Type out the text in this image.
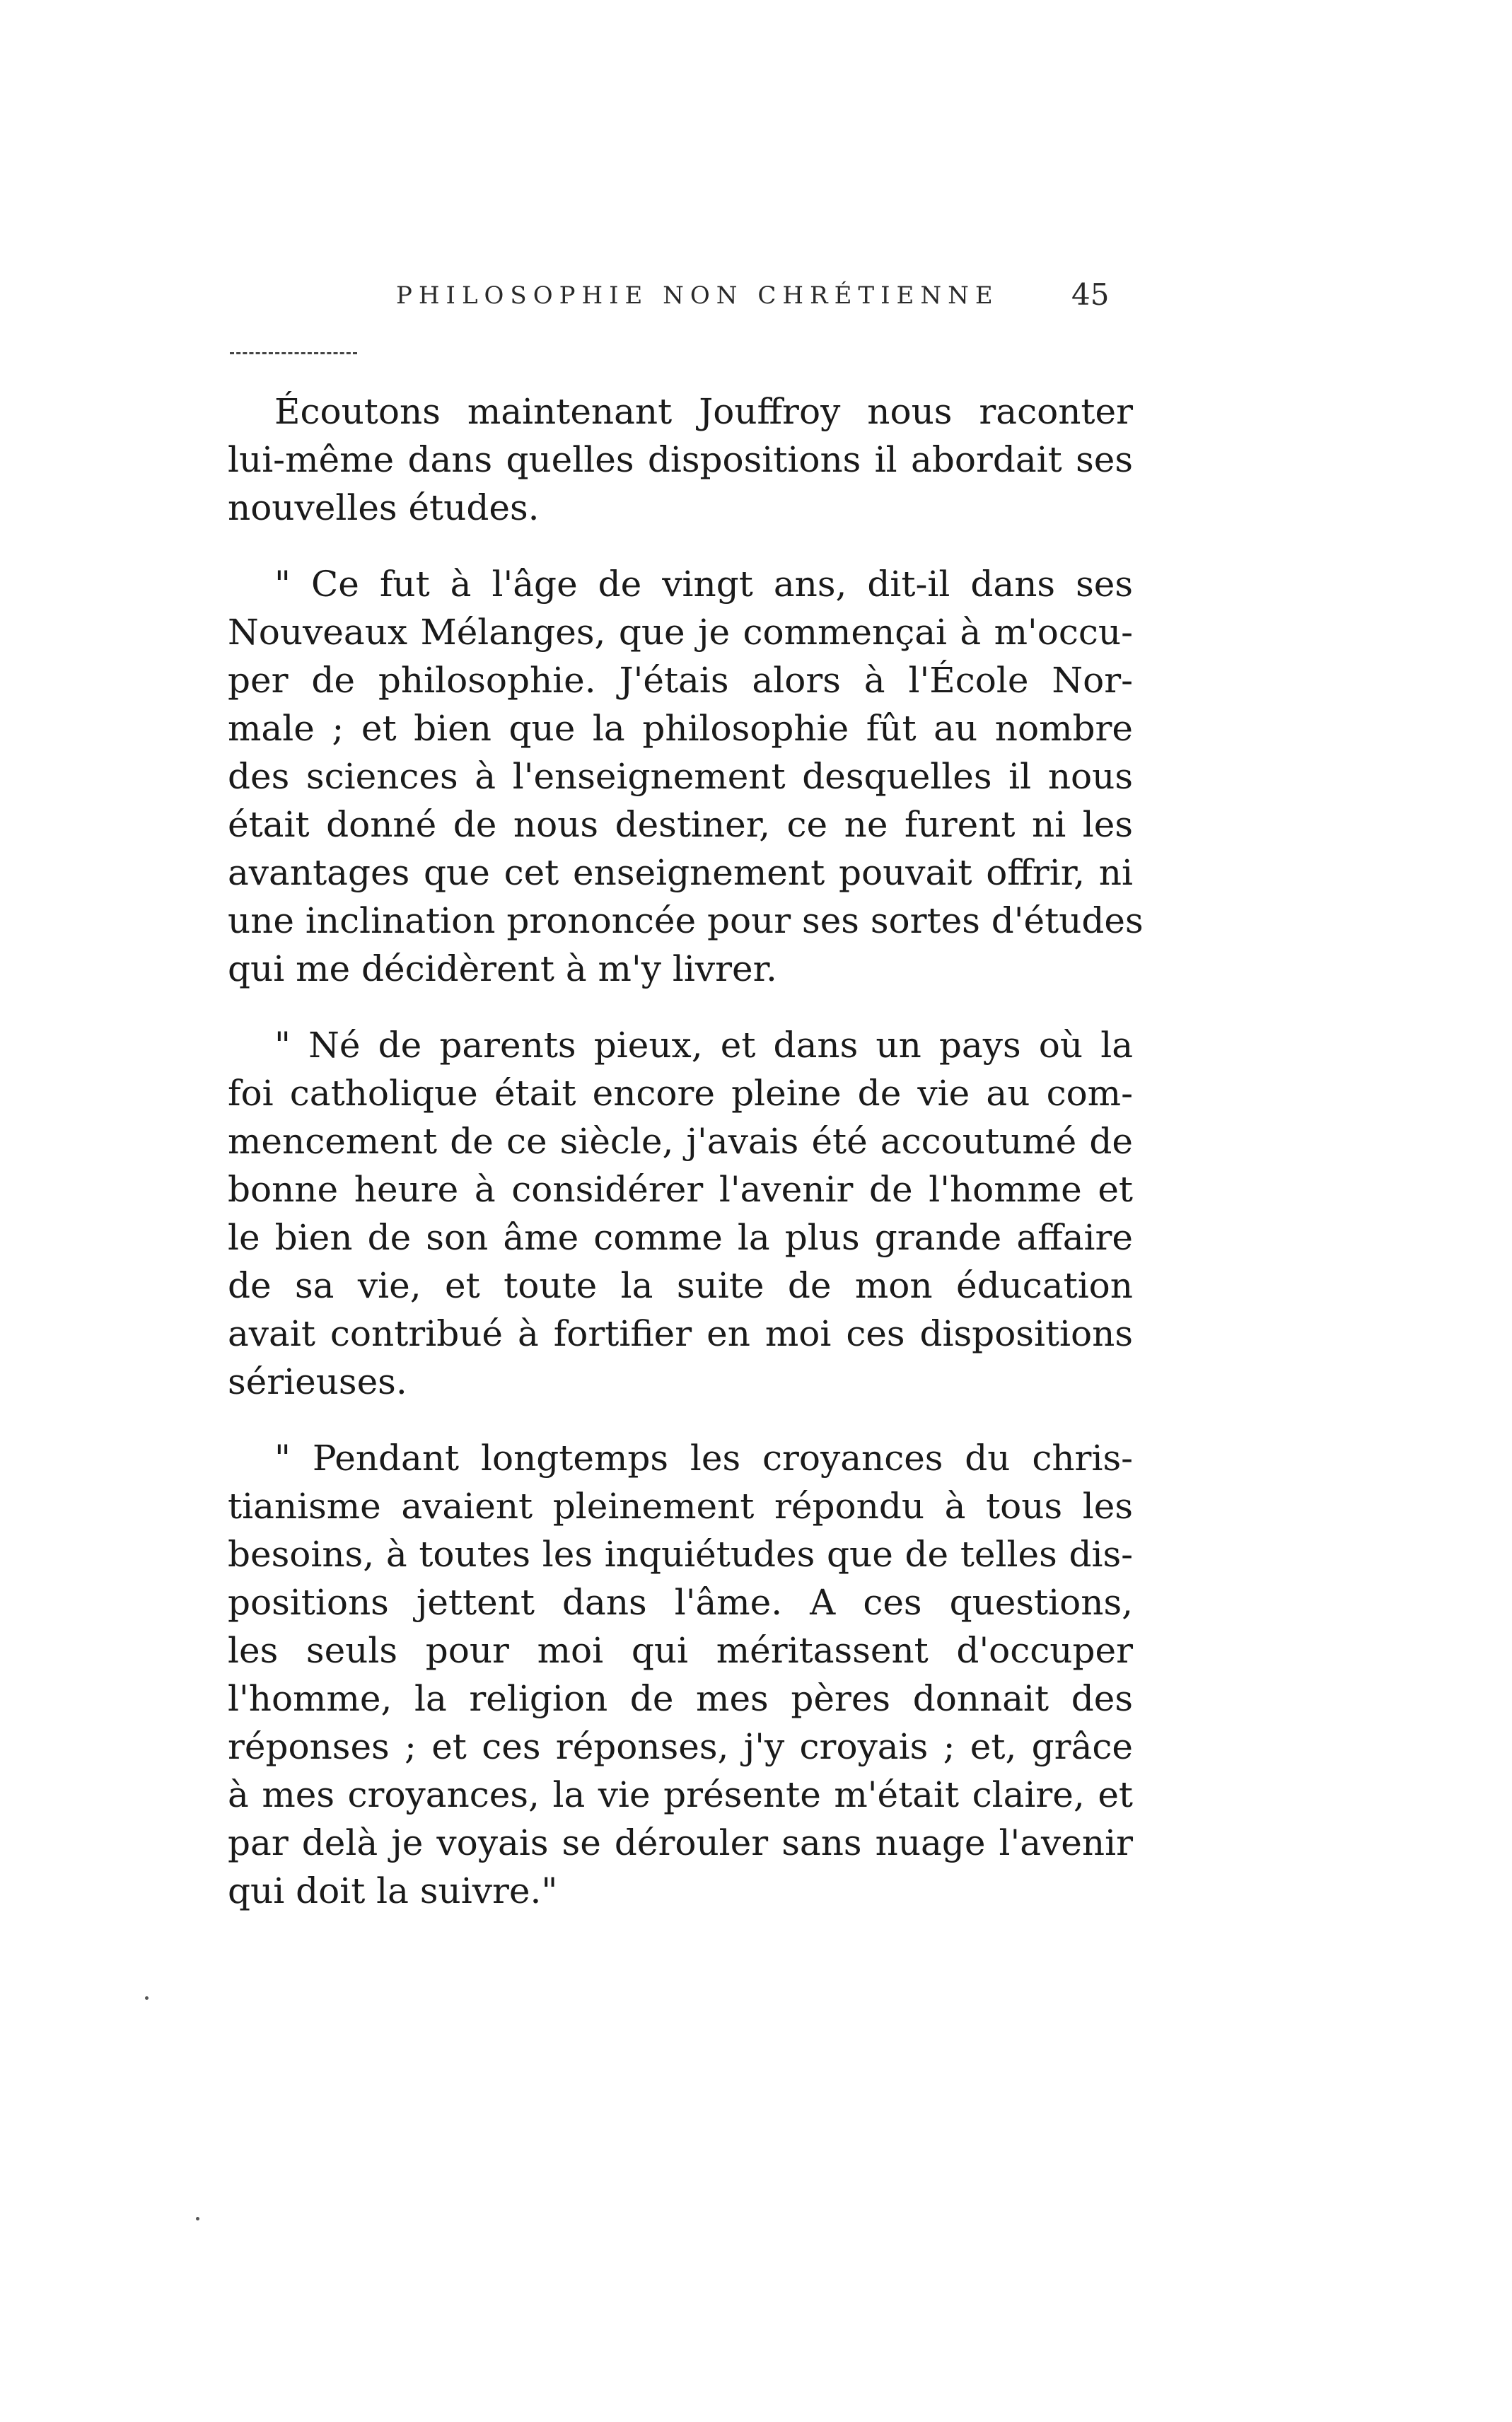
PHILOSOPHIE NON CHRÉTIENNE 45
Écoutons maintenant Jouffroy nous raconter
lui-même dans quelles dispositions il abordait ses
nouvelles études.
" Ce fut à l'âge de vingt ans, dit-il dans ses
Nouveaux Mélanges, que je commençai à m'occu-
per de philosophie. J'étais alors à l'École Nor-
male ; et bien que la philosophie fût au nombre
des sciences à l'enseignement desquelles il nous
était donné de nous destiner, ce ne furent ni les
avantages que cet enseignement pouvait offrir, ni
une inclination prononcée pour ses sortes d'études
qui me décidèrent à m'y livrer.
" Né de parents pieux, et dans un pays où la
foi catholique était encore pleine de vie au com-
mencement de ce siècle, j'avais été accoutumé de
bonne heure à considérer l'avenir de l'homme et
le bien de son âme comme la plus grande affaire
de sa vie, et toute la suite de mon éducation
avait contribué à fortifier en moi ces dispositions
sérieuses.
" Pendant longtemps les croyances du chris-
tianisme avaient pleinement répondu à tous les
besoins, à toutes les inquiétudes que de telles dis-
positions jettent dans l'âme. A ces questions,
les seuls pour moi qui méritassent d'occuper
l'homme, la religion de mes pères donnait des
réponses ; et ces réponses, j'y croyais ; et, grâce
à mes croyances, la vie présente m'était claire, et
par delà je voyais se dérouler sans nuage l'avenir
qui doit la suivre."
